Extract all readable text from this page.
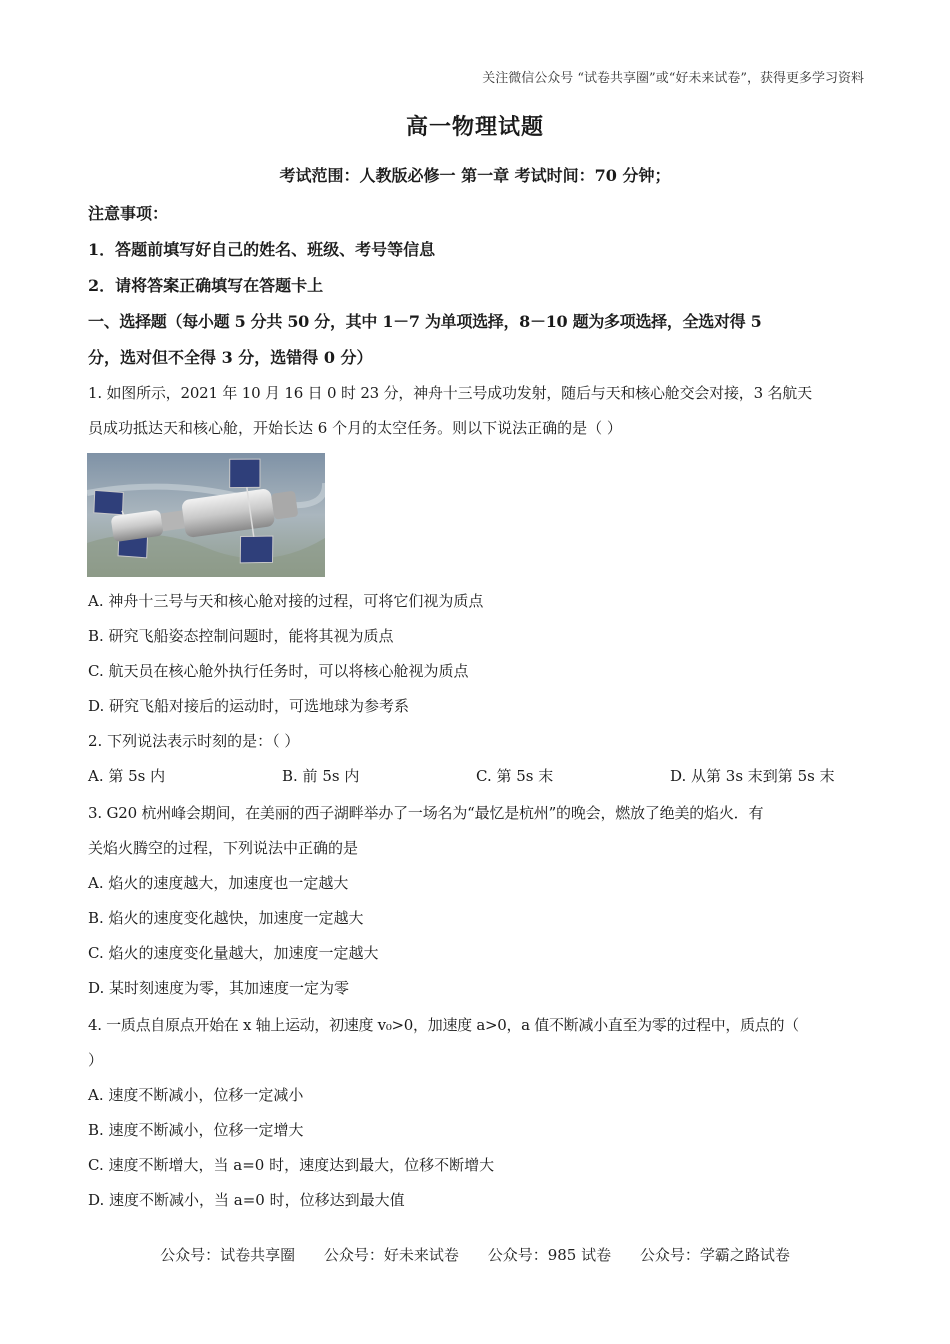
关注微信公众号 “试卷共享圈”或“好未来试卷”，获得更多学习资料
高一物理试题
考试范围：人教版必修一 第一章 考试时间：70 分钟；
注意事项：
1．答题前填写好自己的姓名、班级、考号等信息
2．请将答案正确填写在答题卡上
一、选择题（每小题 5 分共 50 分，其中 1－7 为单项选择，8－10 题为多项选择，全选对得 5
分，选对但不全得 3 分，选错得 0 分）
1. 如图所示，2021 年 10 月 16 日 0 时 23 分，神舟十三号成功发射，随后与天和核心舱交会对接，3 名航天
员成功抵达天和核心舱，开始长达 6 个月的太空任务。则以下说法正确的是（ ）
A. 神舟十三号与天和核心舱对接的过程，可将它们视为质点
B. 研究飞船姿态控制问题时，能将其视为质点
C. 航天员在核心舱外执行任务时，可以将核心舱视为质点
D. 研究飞船对接后的运动时，可选地球为参考系
2. 下列说法表示时刻的是：（ ）
A. 第 5s 内	B. 前 5s 内	C. 第 5s 末	D. 从第 3s 末到第 5s 末
3. G20 杭州峰会期间，在美丽的西子湖畔举办了一场名为“最忆是杭州”的晚会，燃放了绝美的焰火．有
关焰火腾空的过程，下列说法中正确的是
A. 焰火的速度越大，加速度也一定越大
B. 焰火的速度变化越快，加速度一定越大
C. 焰火的速度变化量越大，加速度一定越大
D. 某时刻速度为零，其加速度一定为零
4. 一质点自原点开始在 x 轴上运动，初速度 v₀>0，加速度 a>0，a 值不断减小直至为零的过程中，质点的（
）
A. 速度不断减小，位移一定减小
B. 速度不断减小，位移一定增大
C. 速度不断增大，当 a=0 时，速度达到最大，位移不断增大
D. 速度不断减小，当 a=0 时，位移达到最大值
公众号：试卷共享圈 公众号：好未来试卷 公众号：985 试卷 公众号：学霸之路试卷
